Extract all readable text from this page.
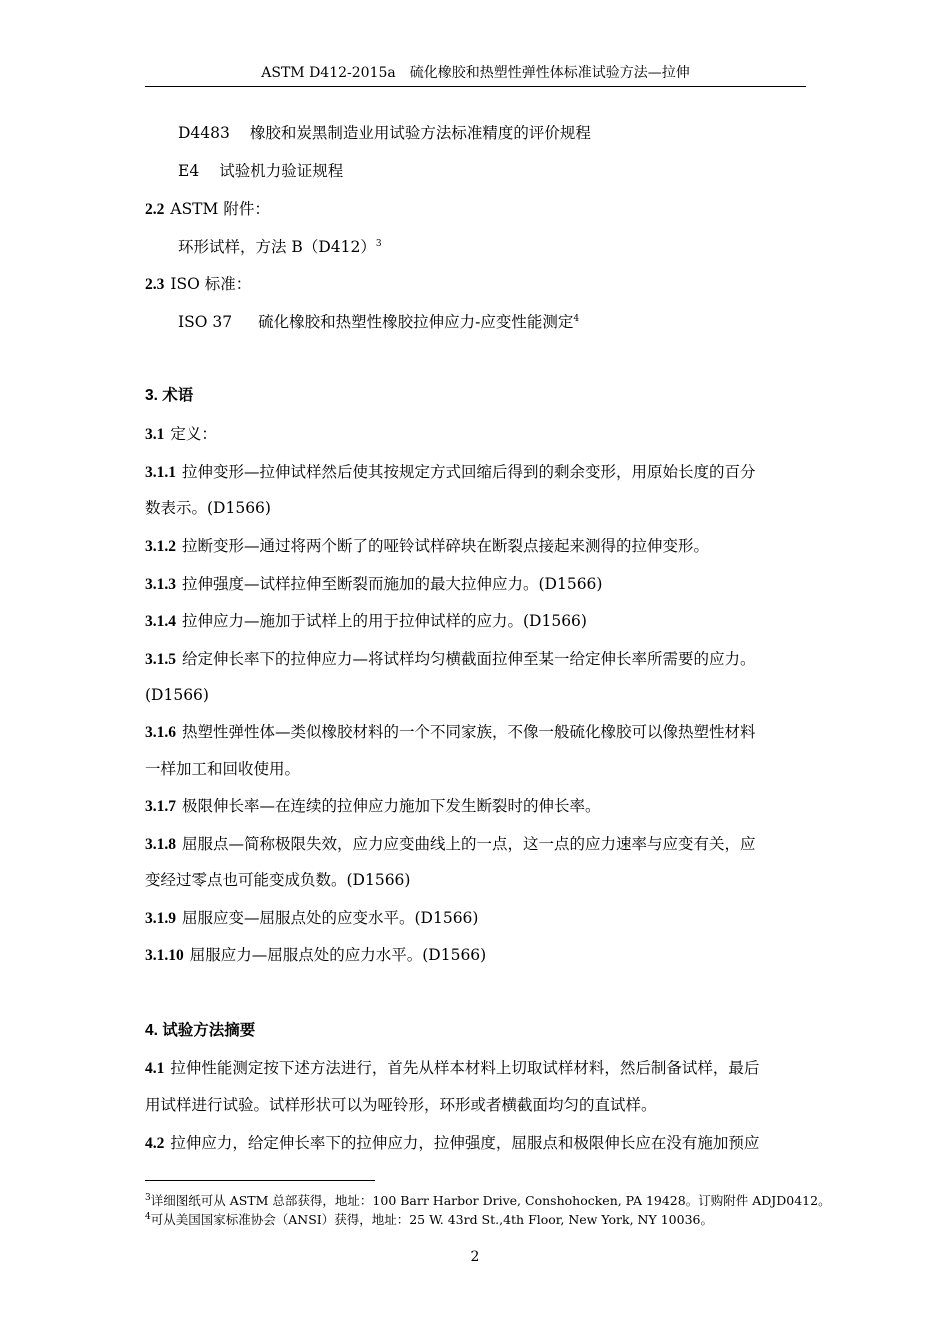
ASTM D412-2015a　硫化橡胶和热塑性弹性体标准试验方法—拉伸
D4483 橡胶和炭黑制造业用试验方法标准精度的评价规程
E4 试验机力验证规程
2.2 ASTM 附件：
环形试样，方法 $B(D412)^3$
2.3 ISO 标准：
ISO 37 硫化橡胶和热塑性橡胶拉伸应力-应变性能测定$^4$
3. 术语
3.1 定义：
3.1.1 拉伸变形—拉伸试样然后使其按规定方式回缩后得到的剩余变形，用原始长度的百分
数表示。(D1566)
3.1.2 拉断变形—通过将两个断了的哑铃试样碎块在断裂点接起来测得的拉伸变形。
3.1.3 拉伸强度—试样拉伸至断裂而施加的最大拉伸应力。(D1566)
3.1.4 拉伸应力—施加于试样上的用于拉伸试样的应力。(D1566)
3.1.5 给定伸长率下的拉伸应力—将试样均匀横截面拉伸至某一给定伸长率所需要的应力。
(D1566)
3.1.6 热塑性弹性体—类似橡胶材料的一个不同家族，不像一般硫化橡胶可以像热塑性材料
一样加工和回收使用。
3.1.7 极限伸长率—在连续的拉伸应力施加下发生断裂时的伸长率。
3.1.8 屈服点—简称极限失效，应力应变曲线上的一点，这一点的应力速率与应变有关，应
变经过零点也可能变成负数。(D1566)
3.1.9 屈服应变—屈服点处的应变水平。(D1566)
3.1.10 屈服应力—屈服点处的应力水平。(D1566)
4. 试验方法摘要
4.1 拉伸性能测定按下述方法进行，首先从样本材料上切取试样材料，然后制备试样，最后
用试样进行试验。试样形状可以为哑铃形，环形或者横截面均匀的直试样。
4.2 拉伸应力，给定伸长率下的拉伸应力，拉伸强度，屈服点和极限伸长应在没有施加预应
$^3$详细图纸可从 ASTM 总部获得，地址：100 Barr Harbor Drive, Conshohocken, PA 19428。订购附件 ADJD0412。
$^4$可从美国国家标准协会（ANSI）获得，地址：25 W. 43rd St.,4th Floor, New York, NY 10036。
2
